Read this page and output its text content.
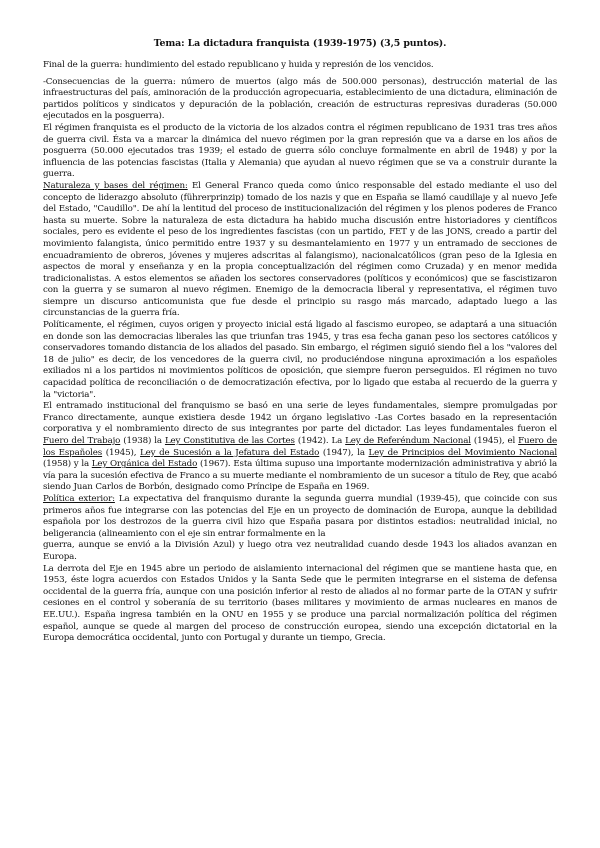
Tema: La dictadura franquista (1939-1975) (3,5 puntos).

Final de la guerra: hundimiento del estado republicano y huida y represión de los vencidos.

-Consecuencias de la guerra: número de muertos (algo más de 500.000 personas), destrucción material de las infraestructuras del país, aminoración de la producción agropecuaria, establecimiento de una dictadura, eliminación de partidos políticos y sindicatos y depuración de la población, creación de estructuras represivas duraderas (50.000 ejecutados en la posguerra).

El régimen franquista es el producto de la victoria de los alzados contra el régimen republicano de 1931 tras tres años de guerra civil. Ésta va a marcar la dinámica del nuevo régimen por la gran represión que va a darse en los años de posguerra (50.000 ejecutados tras 1939; el estado de guerra sólo concluye formalmente en abril de 1948) y por la influencia de las potencias fascistas (Italia y Alemania) que ayudan al nuevo régimen que se va a construir durante la guerra.

Naturaleza y bases del régimen: El General Franco queda como único responsable del estado mediante el uso del concepto de liderazgo absoluto (führerprinzip) tomado de los nazis y que en España se llamó caudillaje y al nuevo Jefe del Estado, "Caudillo". De ahí la lentitud del proceso de institucionalización del régimen y los plenos poderes de Franco hasta su muerte. Sobre la naturaleza de esta dictadura ha habido mucha discusión entre historiadores y científicos sociales, pero es evidente el peso de los ingredientes fascistas (con un partido, FET y de las JONS, creado a partir del movimiento falangista, único permitido entre 1937 y su desmantelamiento en 1977 y un entramado de secciones de encuadramiento de obreros, jóvenes y mujeres adscritas al falangismo), nacionalcatólicos (gran peso de la Iglesia en aspectos de moral y enseñanza y en la propia conceptualización del régimen como Cruzada) y en menor medida tradicionalistas. A estos elementos se añaden los sectores conservadores (políticos y económicos) que se fascistizaron con la guerra y se sumaron al nuevo régimen. Enemigo de la democracia liberal y representativa, el régimen tuvo siempre un discurso anticomunista que fue desde el principio su rasgo más marcado, adaptado luego a las circunstancias de la guerra fría.

Políticamente, el régimen, cuyos origen y proyecto inicial está ligado al fascismo europeo, se adaptará a una situación en donde son las democracias liberales las que triunfan tras 1945, y tras esa fecha ganan peso los sectores católicos y conservadores tomando distancia de los aliados del pasado. Sin embargo, el régimen siguió siendo fiel a los "valores del 18 de julio" es decir, de los vencedores de la guerra civil, no produciéndose ninguna aproximación a los españoles exiliados ni a los partidos ni movimientos políticos de oposición, que siempre fueron perseguidos. El régimen no tuvo capacidad política de reconciliación o de democratización efectiva, por lo ligado que estaba al recuerdo de la guerra y la "victoria".

El entramado institucional del franquismo se basó en una serie de leyes fundamentales, siempre promulgadas por Franco directamente, aunque existiera desde 1942 un órgano legislativo -Las Cortes basado en la representación corporativa y el nombramiento directo de sus integrantes por parte del dictador. Las leyes fundamentales fueron el Fuero del Trabajo (1938) la Ley Constitutiva de las Cortes (1942). La Ley de Referéndum Nacional (1945), el Fuero de los Españoles (1945), Ley de Sucesión a la Jefatura del Estado (1947), la Ley de Principios del Movimiento Nacional (1958) y la Ley Orgánica del Estado (1967). Esta última supuso una importante modernización administrativa y abrió la vía para la sucesión efectiva de Franco a su muerte mediante el nombramiento de un sucesor a título de Rey, que acabó siendo Juan Carlos de Borbón, designado como Príncipe de España en 1969.

Política exterior: La expectativa del franquismo durante la segunda guerra mundial (1939-45), que coincide con sus primeros años fue integrarse con las potencias del Eje en un proyecto de dominación de Europa, aunque la debilidad española por los destrozos de la guerra civil hizo que España pasara por distintos estadios: neutralidad inicial, no beligerancia (alineamiento con el eje sin entrar formalmente en la

guerra, aunque se envió a la División Azul) y luego otra vez neutralidad cuando desde 1943 los aliados avanzan en Europa.

La derrota del Eje en 1945 abre un periodo de aislamiento internacional del régimen que se mantiene hasta que, en 1953, éste logra acuerdos con Estados Unidos y la Santa Sede que le permiten integrarse en el sistema de defensa occidental de la guerra fría, aunque con una posición inferior al resto de aliados al no formar parte de la OTAN y sufrir cesiones en el control y soberanía de su territorio (bases militares y movimiento de armas nucleares en manos de EE.UU.). España ingresa también en la ONU en 1955 y se produce una parcial normalización política del régimen español, aunque se quede al margen del proceso de construcción europea, siendo una excepción dictatorial en la Europa democrática occidental, junto con Portugal y durante un tiempo, Grecia.
